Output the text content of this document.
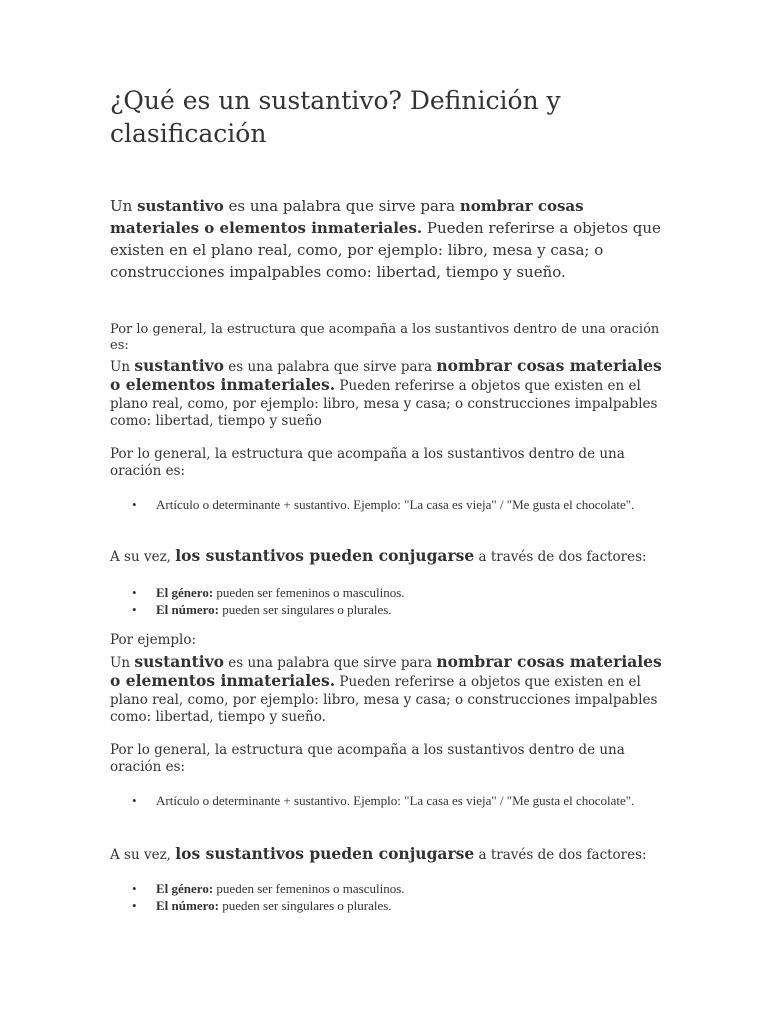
¿Qué es un sustantivo? Definición y clasificación

Un sustantivo es una palabra que sirve para nombrar cosas materiales o elementos inmateriales. Pueden referirse a objetos que existen en el plano real, como, por ejemplo: libro, mesa y casa; o construcciones impalpables como: libertad, tiempo y sueño.

Por lo general, la estructura que acompaña a los sustantivos dentro de una oración es:

Un sustantivo es una palabra que sirve para nombrar cosas materiales o elementos inmateriales. Pueden referirse a objetos que existen en el plano real, como, por ejemplo: libro, mesa y casa; o construcciones impalpables como: libertad, tiempo y sueño

Por lo general, la estructura que acompaña a los sustantivos dentro de una oración es:

• Artículo o determinante + sustantivo. Ejemplo: "La casa es vieja" / "Me gusta el chocolate".

A su vez, los sustantivos pueden conjugarse a través de dos factores:

• El género: pueden ser femeninos o masculinos.
• El número: pueden ser singulares o plurales.

Por ejemplo:

Un sustantivo es una palabra que sirve para nombrar cosas materiales o elementos inmateriales. Pueden referirse a objetos que existen en el plano real, como, por ejemplo: libro, mesa y casa; o construcciones impalpables como: libertad, tiempo y sueño.

Por lo general, la estructura que acompaña a los sustantivos dentro de una oración es:

• Artículo o determinante + sustantivo. Ejemplo: "La casa es vieja" / "Me gusta el chocolate".

A su vez, los sustantivos pueden conjugarse a través de dos factores:

• El género: pueden ser femeninos o masculinos.
• El número: pueden ser singulares o plurales.
